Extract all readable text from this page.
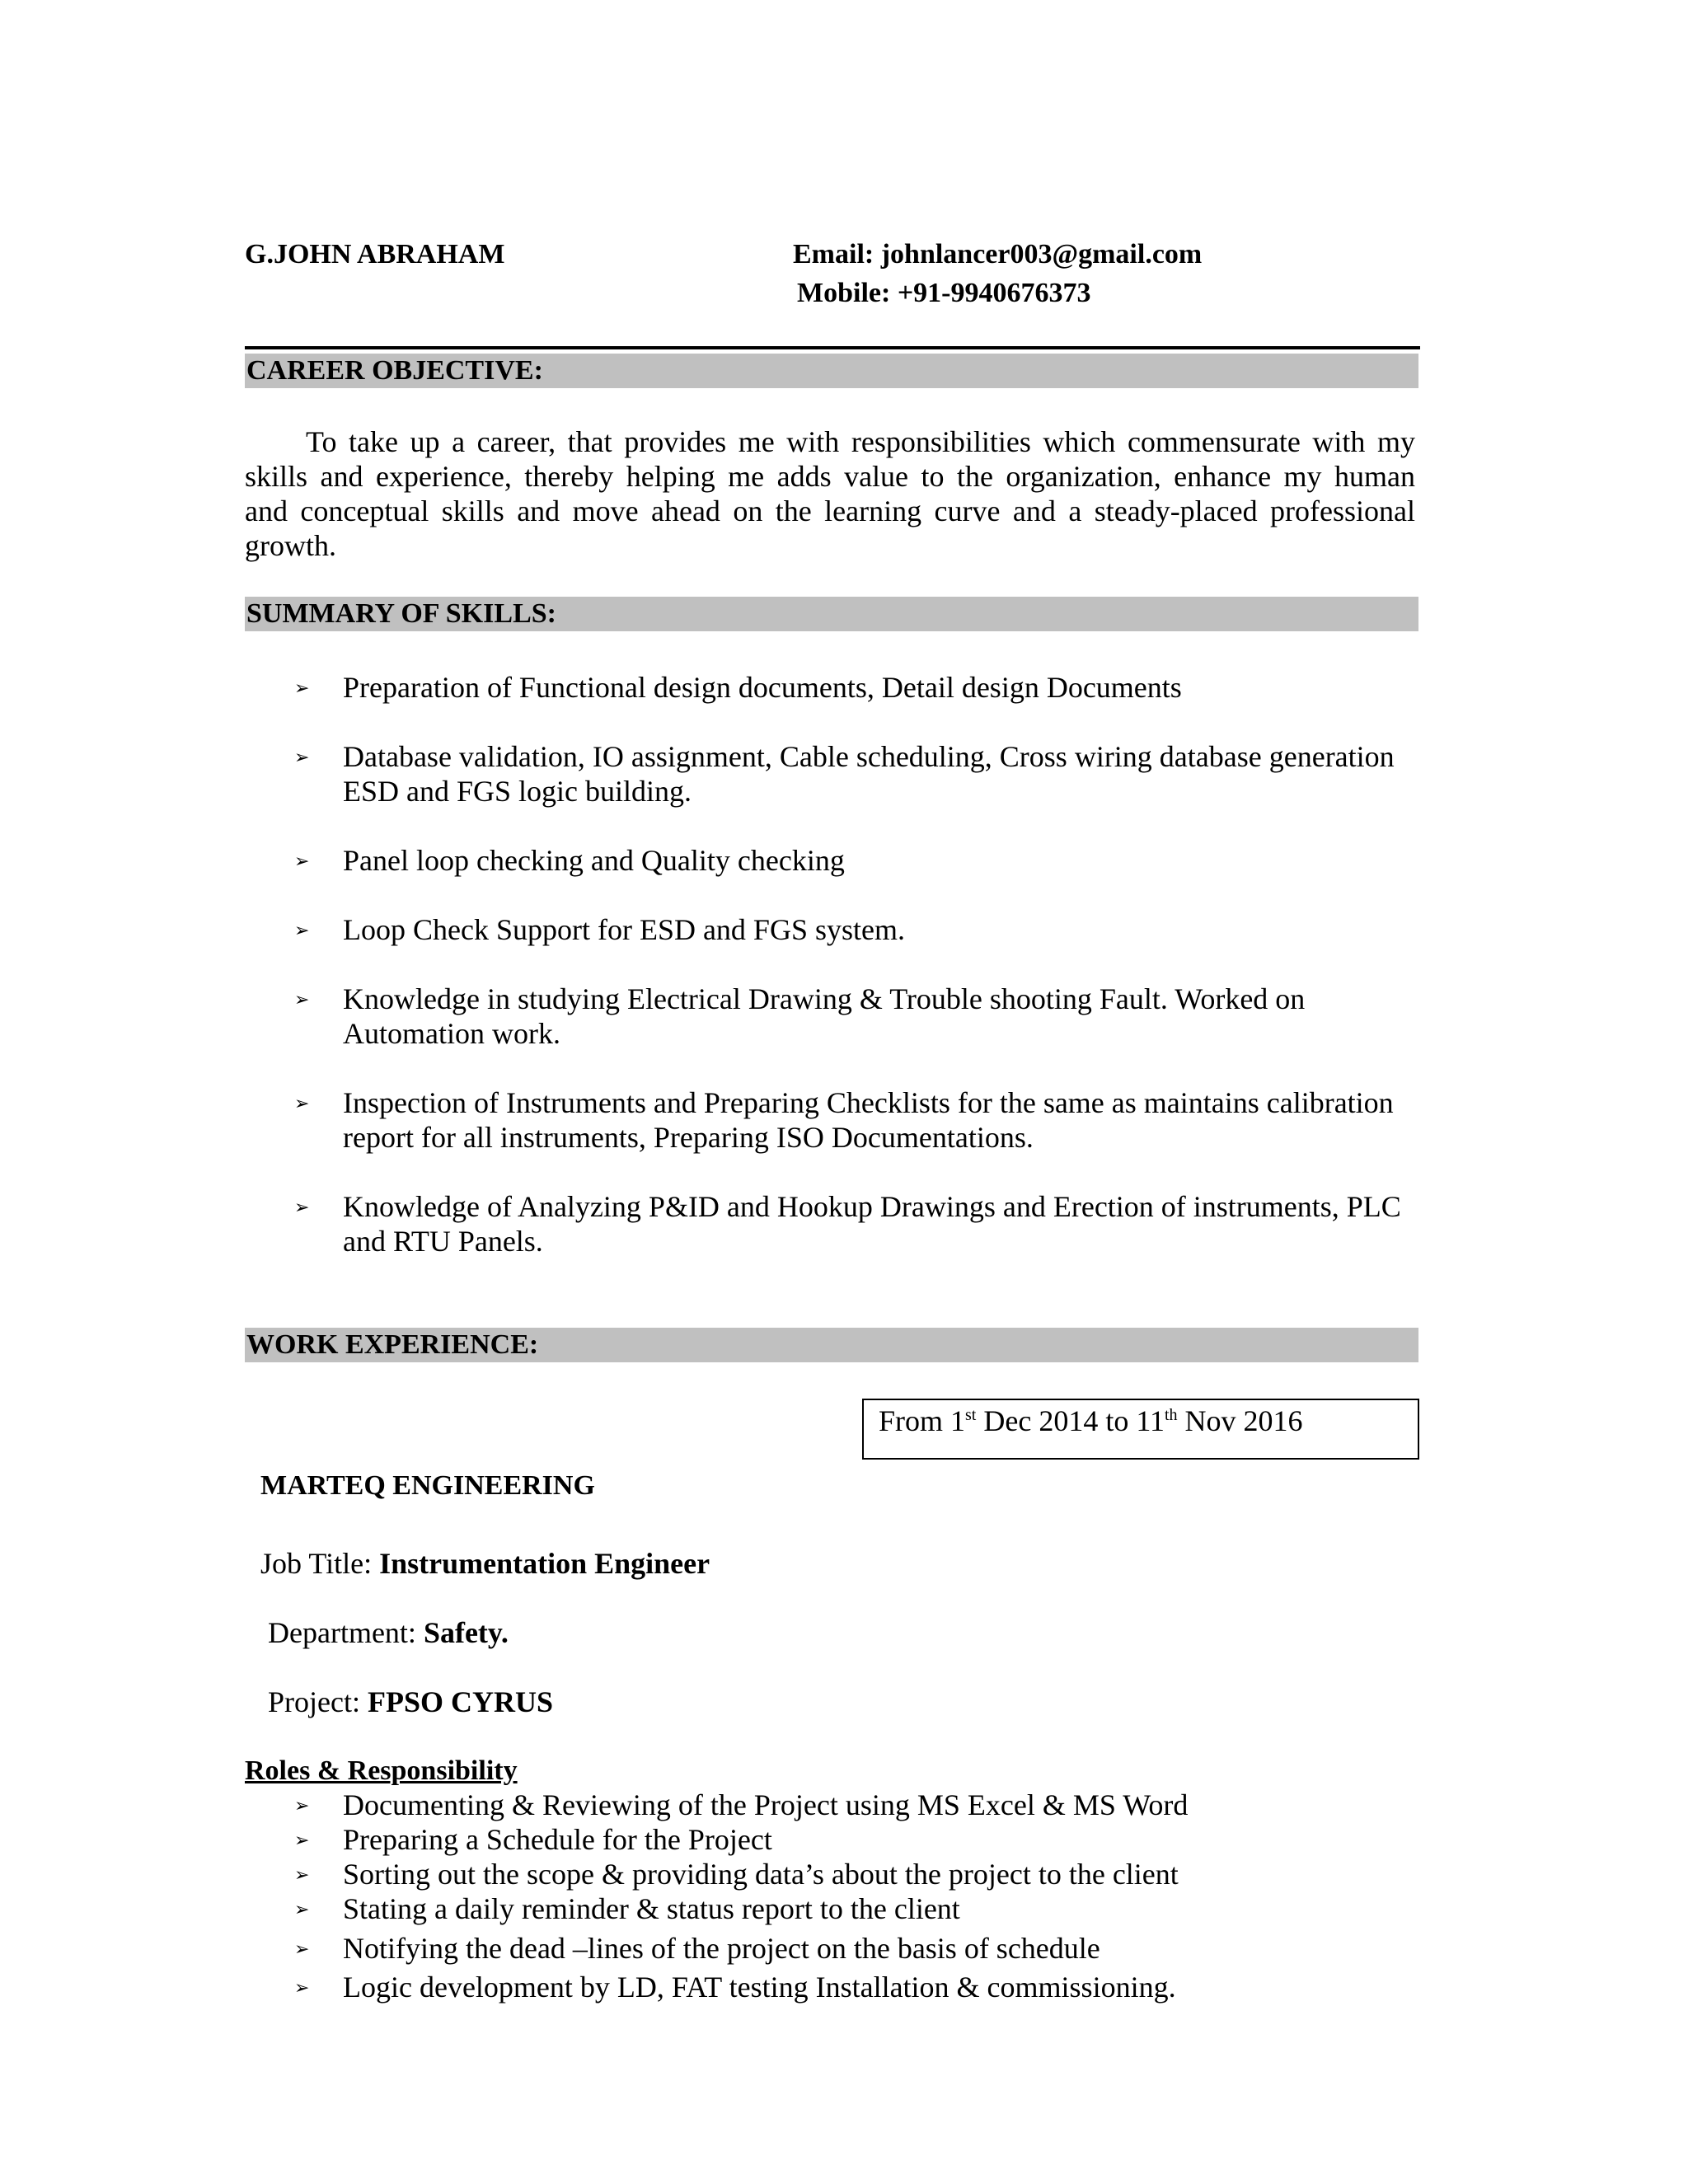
G.JOHN ABRAHAM	Email: johnlancer003@gmail.com
Mobile: +91-9940676373
CAREER OBJECTIVE:
To take up a career, that provides me with responsibilities which commensurate with my
skills and experience, thereby helping me adds value to the organization, enhance my human
and conceptual skills and move ahead on the learning curve and a steady-placed professional
growth.
SUMMARY OF SKILLS:
➢ Preparation of Functional design documents, Detail design Documents
➢ Database validation, IO assignment, Cable scheduling, Cross wiring database generation
ESD and FGS logic building.
➢ Panel loop checking and Quality checking
➢ Loop Check Support for ESD and FGS system.
➢ Knowledge in studying Electrical Drawing & Trouble shooting Fault. Worked on
Automation work.
➢ Inspection of Instruments and Preparing Checklists for the same as maintains calibration
report for all instruments, Preparing ISO Documentations.
➢ Knowledge of Analyzing P&ID and Hookup Drawings and Erection of instruments, PLC
and RTU Panels.
WORK EXPERIENCE:
From 1st Dec 2014 to 11th Nov 2016
MARTEQ ENGINEERING
Job Title: Instrumentation Engineer
Department: Safety.
Project: FPSO CYRUS
Roles & Responsibility
➢ Documenting & Reviewing of the Project using MS Excel & MS Word
➢ Preparing a Schedule for the Project
➢ Sorting out the scope & providing data’s about the project to the client
➢ Stating a daily reminder & status report to the client
➢ Notifying the dead –lines of the project on the basis of schedule
➢ Logic development by LD, FAT testing Installation & commissioning.
